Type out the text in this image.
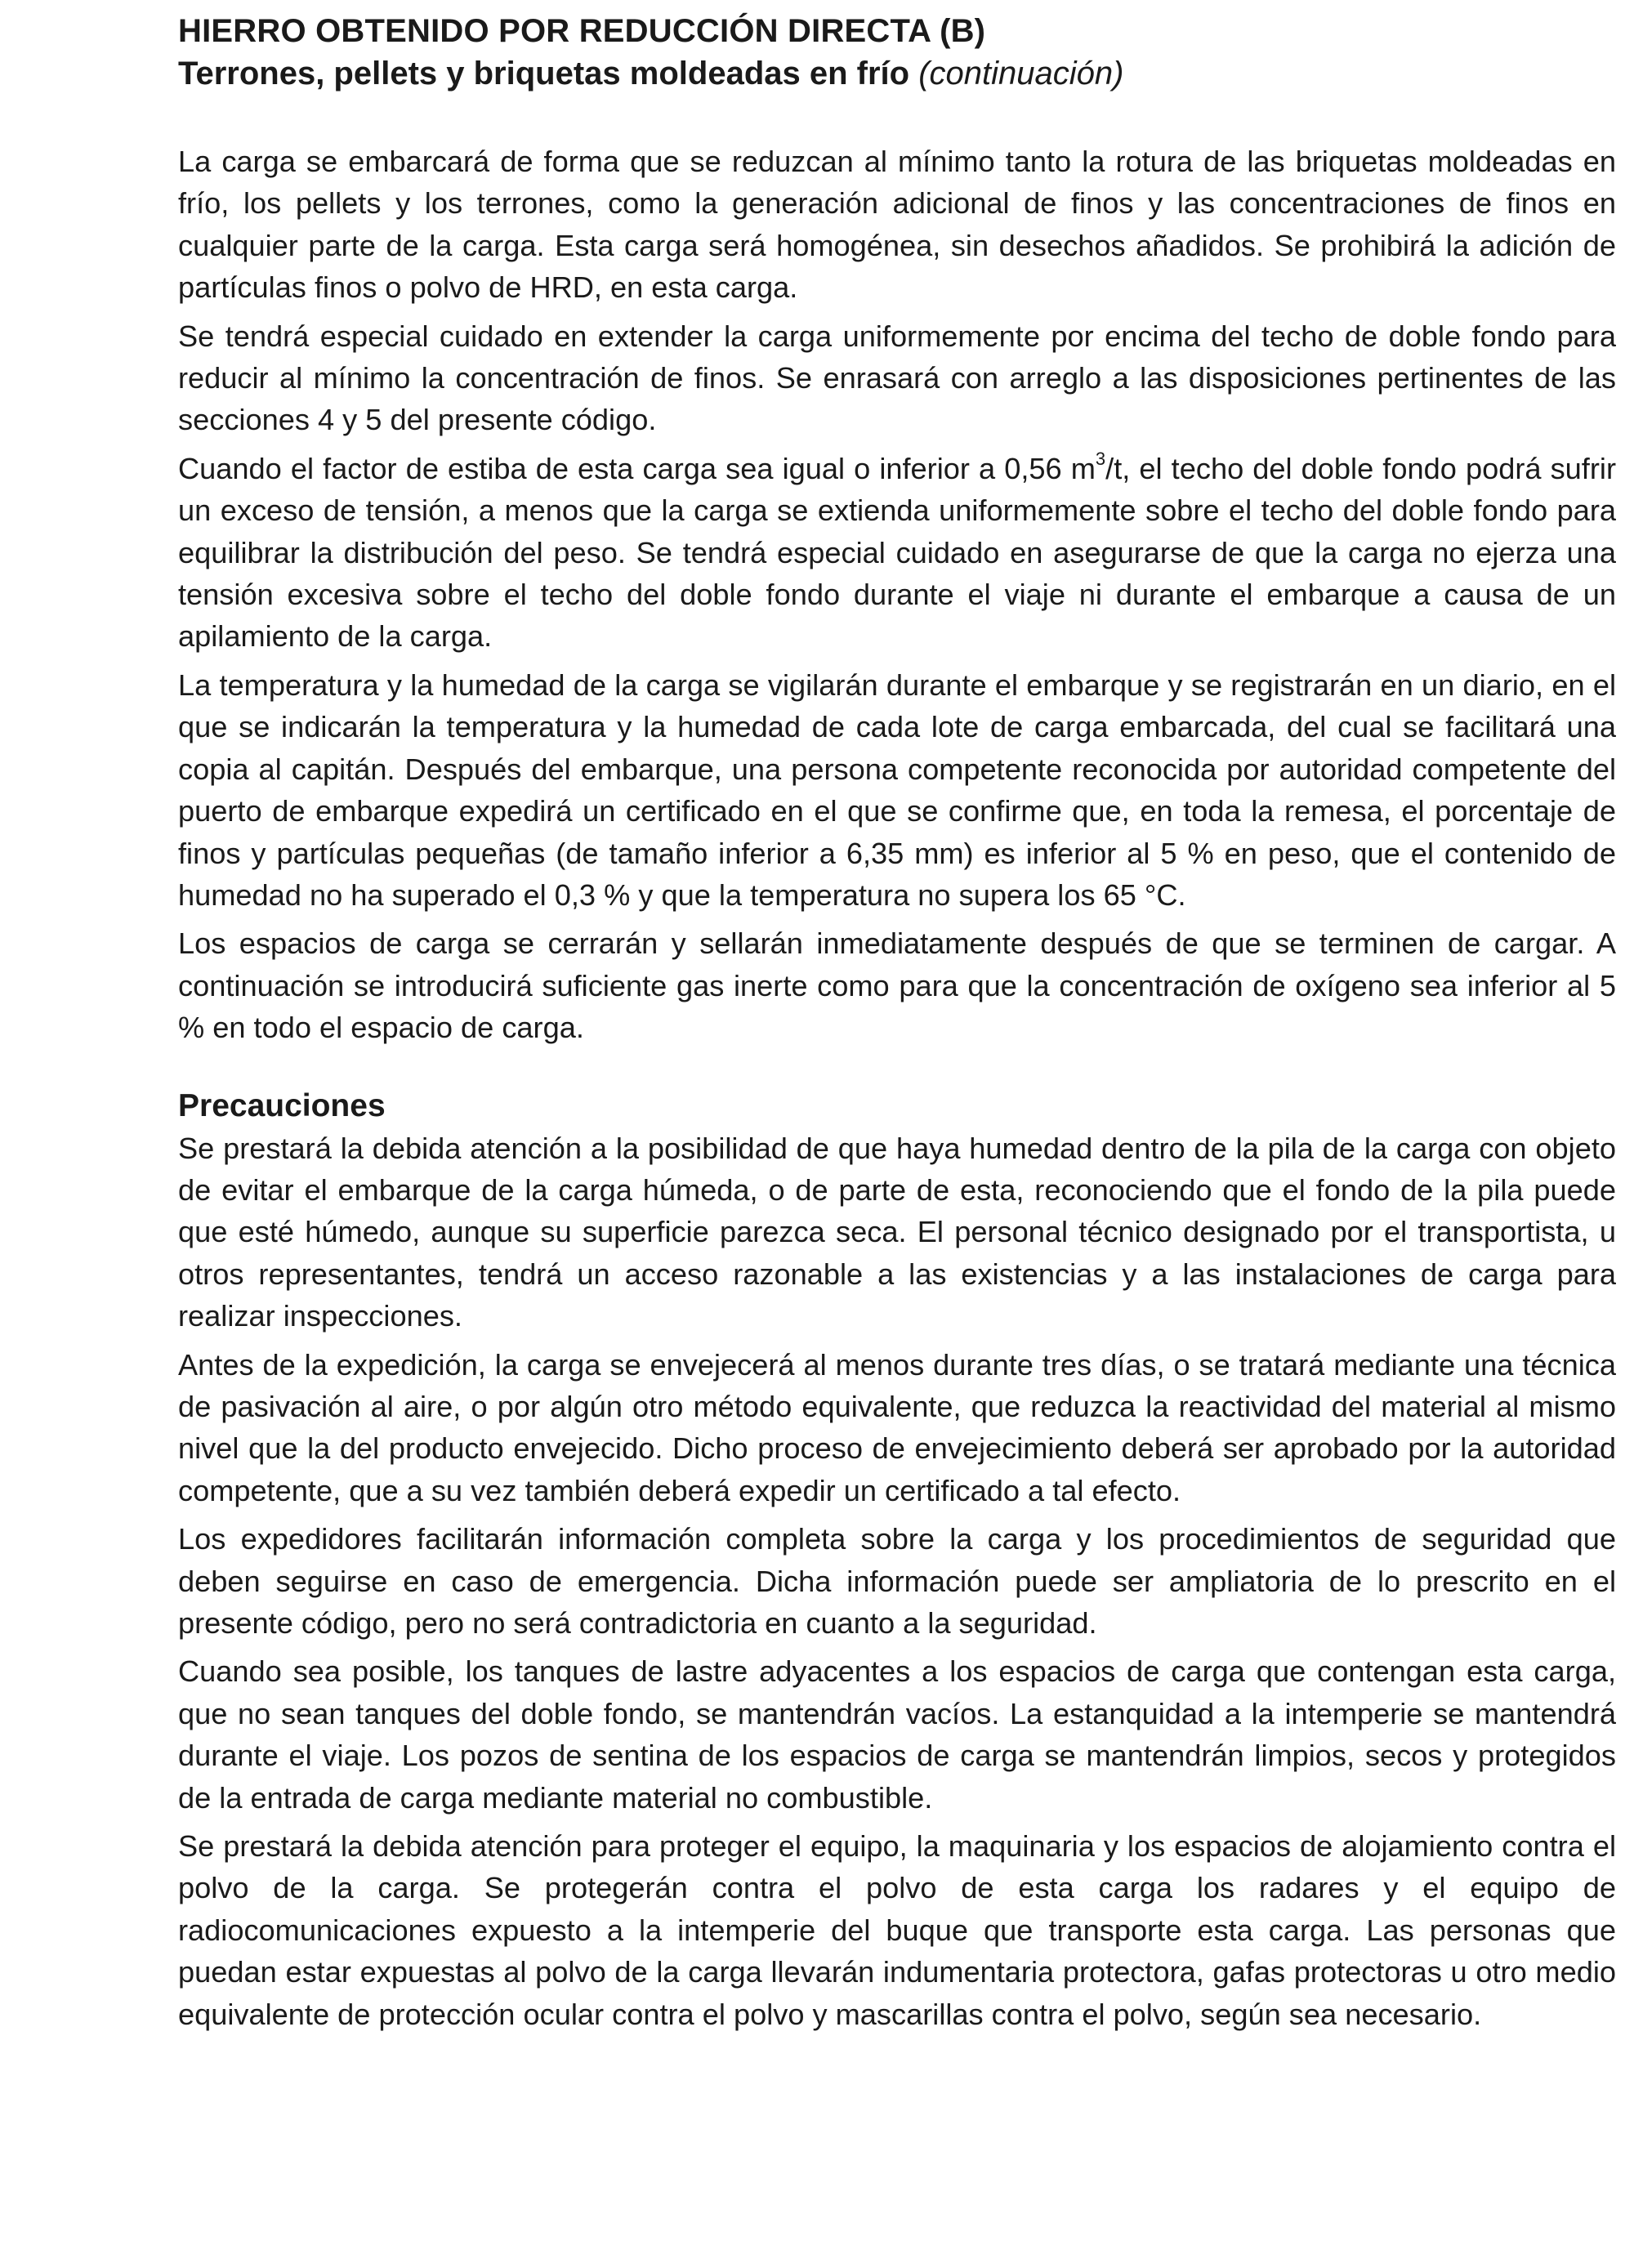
HIERRO OBTENIDO POR REDUCCIÓN DIRECTA (B)
Terrones, pellets y briquetas moldeadas en frío (continuación)

La carga se embarcará de forma que se reduzcan al mínimo tanto la rotura de las briquetas moldeadas en frío, los pellets y los terrones, como la generación adicional de finos y las concentraciones de finos en cualquier parte de la carga. Esta carga será homogénea, sin desechos añadidos. Se prohibirá la adición de partículas finos o polvo de HRD, en esta carga.

Se tendrá especial cuidado en extender la carga uniformemente por encima del techo de doble fondo para reducir al mínimo la concentración de finos. Se enrasará con arreglo a las disposiciones pertinentes de las secciones 4 y 5 del presente código.

Cuando el factor de estiba de esta carga sea igual o inferior a 0,56 $m^3/t$, el techo del doble fondo podrá sufrir un exceso de tensión, a menos que la carga se extienda uniformemente sobre el techo del doble fondo para equilibrar la distribución del peso. Se tendrá especial cuidado en asegurarse de que la carga no ejerza una tensión excesiva sobre el techo del doble fondo durante el viaje ni durante el embarque a causa de un apilamiento de la carga.

La temperatura y la humedad de la carga se vigilarán durante el embarque y se registrarán en un diario, en el que se indicarán la temperatura y la humedad de cada lote de carga embarcada, del cual se facilitará una copia al capitán. Después del embarque, una persona competente reconocida por autoridad competente del puerto de embarque expedirá un certificado en el que se confirme que, en toda la remesa, el porcentaje de finos y partículas pequeñas (de tamaño inferior a 6,35 mm) es inferior al 5 % en peso, que el contenido de humedad no ha superado el 0,3 % y que la temperatura no supera los 65 °C.

Los espacios de carga se cerrarán y sellarán inmediatamente después de que se terminen de cargar. A continuación se introducirá suficiente gas inerte como para que la concentración de oxígeno sea inferior al 5 % en todo el espacio de carga.

Precauciones

Se prestará la debida atención a la posibilidad de que haya humedad dentro de la pila de la carga con objeto de evitar el embarque de la carga húmeda, o de parte de esta, reconociendo que el fondo de la pila puede que esté húmedo, aunque su superficie parezca seca. El personal técnico designado por el transportista, u otros representantes, tendrá un acceso razonable a las existencias y a las instalaciones de carga para realizar inspecciones.

Antes de la expedición, la carga se envejecerá al menos durante tres días, o se tratará mediante una técnica de pasivación al aire, o por algún otro método equivalente, que reduzca la reactividad del material al mismo nivel que la del producto envejecido. Dicho proceso de envejecimiento deberá ser aprobado por la autoridad competente, que a su vez también deberá expedir un certificado a tal efecto.

Los expedidores facilitarán información completa sobre la carga y los procedimientos de seguridad que deben seguirse en caso de emergencia. Dicha información puede ser ampliatoria de lo prescrito en el presente código, pero no será contradictoria en cuanto a la seguridad.

Cuando sea posible, los tanques de lastre adyacentes a los espacios de carga que contengan esta carga, que no sean tanques del doble fondo, se mantendrán vacíos. La estanquidad a la intemperie se mantendrá durante el viaje. Los pozos de sentina de los espacios de carga se mantendrán limpios, secos y protegidos de la entrada de carga mediante material no combustible.

Se prestará la debida atención para proteger el equipo, la maquinaria y los espacios de alojamiento contra el polvo de la carga. Se protegerán contra el polvo de esta carga los radares y el equipo de radiocomunicaciones expuesto a la intemperie del buque que transporte esta carga. Las personas que puedan estar expuestas al polvo de la carga llevarán indumentaria protectora, gafas protectoras u otro medio equivalente de protección ocular contra el polvo y mascarillas contra el polvo, según sea necesario.
